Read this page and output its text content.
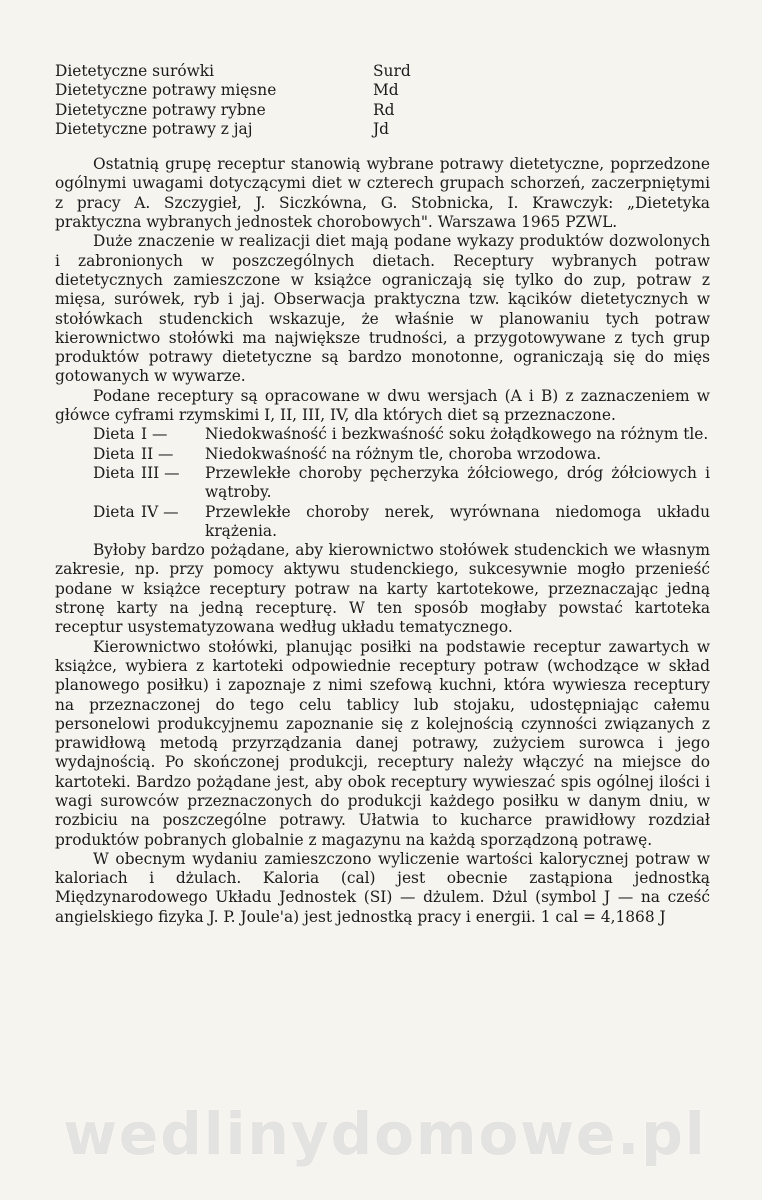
Dietetyczne surówki	Surd
Dietetyczne potrawy mięsne	Md
Dietetyczne potrawy rybne	Rd
Dietetyczne potrawy z jaj	Jd

Ostatnią grupę receptur stanowią wybrane potrawy dietetyczne, poprzedzone ogólnymi uwagami dotyczącymi diet w czterech grupach schorzeń, zaczerpniętymi z pracy A. Szczygieł, J. Siczkówna, G. Stobnicka, I. Krawczyk: „Dietetyka praktyczna wybranych jednostek chorobowych". Warszawa 1965 PZWL.

Duże znaczenie w realizacji diet mają podane wykazy produktów dozwolonych i zabronionych w poszczególnych dietach. Receptury wybranych potraw dietetycznych zamieszczone w książce ograniczają się tylko do zup, potraw z mięsa, surówek, ryb i jaj. Obserwacja praktyczna tzw. kącików dietetycznych w stołówkach studenckich wskazuje, że właśnie w planowaniu tych potraw kierownictwo stołówki ma największe trudności, a przygotowywane z tych grup produktów potrawy dietetyczne są bardzo monotonne, ograniczają się do mięs gotowanych w wywarze.

Podane receptury są opracowane w dwu wersjach (A i B) z zaznaczeniem w główce cyframi rzymskimi I, II, III, IV, dla których diet są przeznaczone.

Dieta I —	Niedokwaśność i bezkwaśność soku żołądkowego na różnym tle.
Dieta II —	Niedokwaśność na różnym tle, choroba wrzodowa.
Dieta III —	Przewlekłe choroby pęcherzyka żółciowego, dróg żółciowych i wątroby.
Dieta IV —	Przewlekłe choroby nerek, wyrównana niedomoga układu krążenia.

Byłoby bardzo pożądane, aby kierownictwo stołówek studenckich we własnym zakresie, np. przy pomocy aktywu studenckiego, sukcesywnie mogło przenieść podane w książce receptury potraw na karty kartotekowe, przeznaczając jedną stronę karty na jedną recepturę. W ten sposób mogłaby powstać kartoteka receptur usystematyzowana według układu tematycznego.

Kierownictwo stołówki, planując posiłki na podstawie receptur zawartych w książce, wybiera z kartoteki odpowiednie receptury potraw (wchodzące w skład planowego posiłku) i zapoznaje z nimi szefową kuchni, która wywiesza receptury na przeznaczonej do tego celu tablicy lub stojaku, udostępniając całemu personelowi produkcyjnemu zapoznanie się z kolejnością czynności związanych z prawidłową metodą przyrządzania danej potrawy, zużyciem surowca i jego wydajnością. Po skończonej produkcji, receptury należy włączyć na miejsce do kartoteki. Bardzo pożądane jest, aby obok receptury wywieszać spis ogólnej ilości i wagi surowców przeznaczonych do produkcji każdego posiłku w danym dniu, w rozbiciu na poszczególne potrawy. Ułatwia to kucharce prawidłowy rozdział produktów pobranych globalnie z magazynu na każdą sporządzoną potrawę.

W obecnym wydaniu zamieszczono wyliczenie wartości kalorycznej potraw w kaloriach i dżulach. Kaloria (cal) jest obecnie zastąpiona jednostką Międzynarodowego Układu Jednostek (SI) — dżulem. Dżul (symbol J — na cześć angielskiego fizyka J. P. Joule'a) jest jednostką pracy i energii. 1 cal = 4,1868 J

wedlinydomowe.pl
